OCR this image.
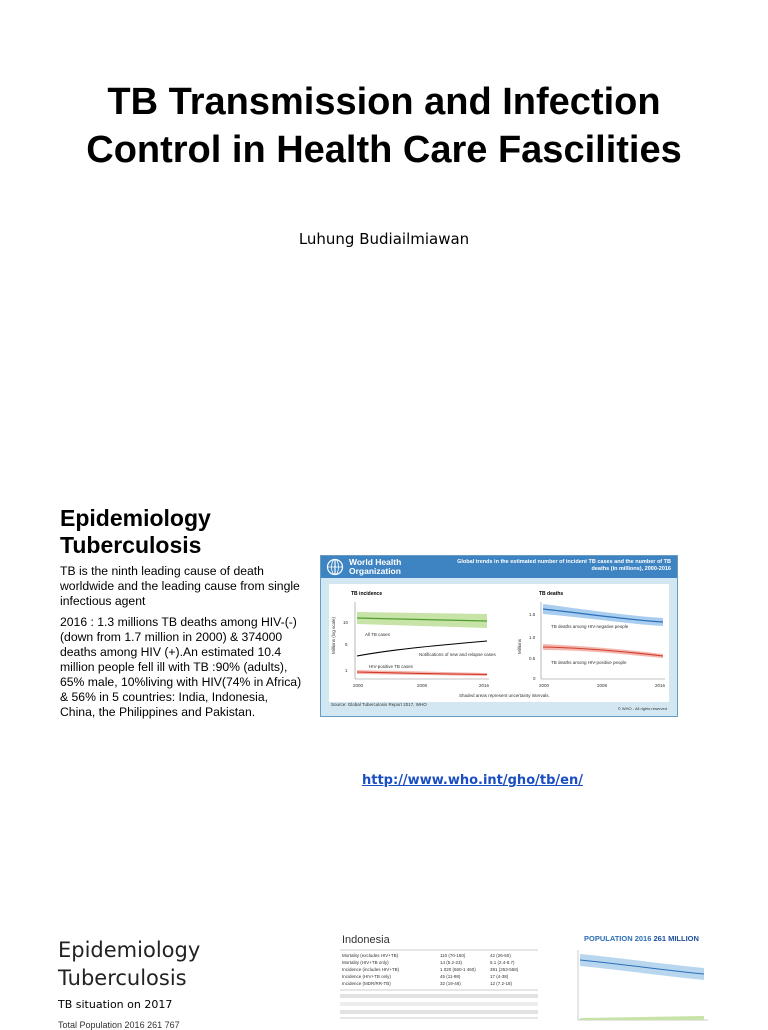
TB Transmission and Infection Control in Health Care Fascilities
Luhung Budiailmiawan
Epidemiology Tuberculosis

TB is the ninth leading cause of death worldwide and the leading cause from single infectious agent

2016 : 1.3 millions TB deaths among HIV-(-) (down from 1.7 million in 2000) & 374000 deaths among HIV (+).An estimated 10.4 million people fell ill with TB :90% (adults), 65% male, 10%living with HIV(74% in Africa) & 56% in 5 countries: India, Indonesia, China, the Philippines and Pakistan.

World Health Organization
Global trends in the estimated number of incident TB cases and the number of TB deaths (in millions), 2000-2016
TB incidence
Millions (log scale) 10
5
1
2000	2008	2016
All TB cases
Notifications of new and relapse cases
HIV-positive TB cases
TB deaths
Millions
1.5
1.0
0.5
0
2000	2008	2016
TB deaths among HIV-negative people
TB deaths among HIV-positive people
Shaded areas represent uncertainty intervals.
Source: Global Tuberculosis Report 2017, WHO
© WHO - All rights reserved
http://www.who.int/gho/tb/en/
Epidemiology
Tuberculosis
TB situation on 2017
Total Population 2016 261 767
Indonesia
Mortality (excludes HIV+TB)	110 (70-160)	42 (26-60)
Mortality (HIV+TB only)	14 (5.2-23)	5.1 (2.4-8.7)
Incidence (includes HIV+TB)	1 020 (660-1 460)	391 (253-558)
Incidence (HIV+TB only)	45 (11-98)	17 (4-38)
Incidence (MDR/RR-TB)	32 (19-48)	12 (7.2-18)
POPULATION 2016 261 MILLION
